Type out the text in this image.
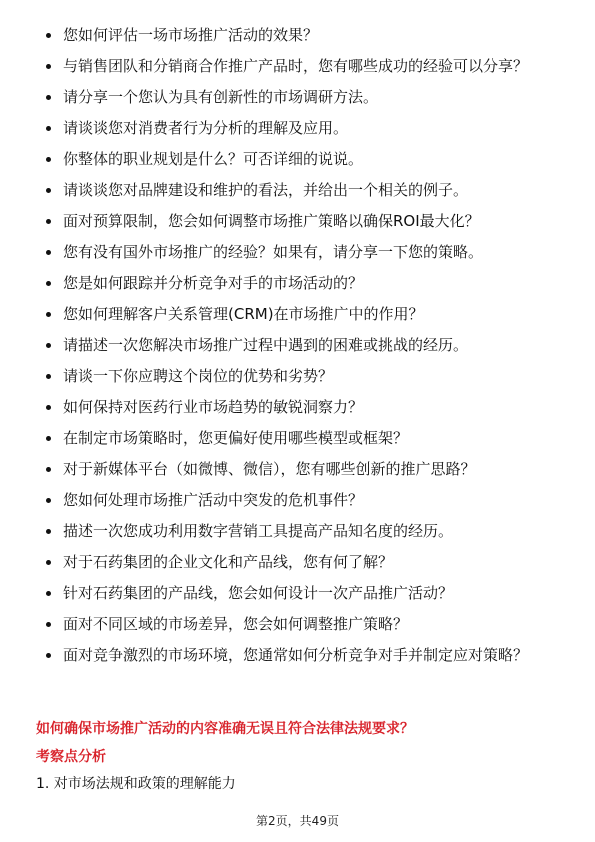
您如何评估一场市场推广活动的效果？
与销售团队和分销商合作推广产品时，您有哪些成功的经验可以分享？
请分享一个您认为具有创新性的市场调研方法。
请谈谈您对消费者行为分析的理解及应用。
你整体的职业规划是什么？可否详细的说说。
请谈谈您对品牌建设和维护的看法，并给出一个相关的例子。
面对预算限制，您会如何调整市场推广策略以确保ROI最大化？
您有没有国外市场推广的经验？如果有，请分享一下您的策略。
您是如何跟踪并分析竞争对手的市场活动的？
您如何理解客户关系管理(CRM)在市场推广中的作用？
请描述一次您解决市场推广过程中遇到的困难或挑战的经历。
请谈一下你应聘这个岗位的优势和劣势？
如何保持对医药行业市场趋势的敏锐洞察力？
在制定市场策略时，您更偏好使用哪些模型或框架？
对于新媒体平台（如微博、微信），您有哪些创新的推广思路？
您如何处理市场推广活动中突发的危机事件？
描述一次您成功利用数字营销工具提高产品知名度的经历。
对于石药集团的企业文化和产品线，您有何了解？
针对石药集团的产品线，您会如何设计一次产品推广活动？
面对不同区域的市场差异，您会如何调整推广策略？
面对竞争激烈的市场环境，您通常如何分析竞争对手并制定应对策略？

如何确保市场推广活动的内容准确无误且符合法律法规要求？

考察点分析

1. 对市场法规和政策的理解能力

第2页，共49页
